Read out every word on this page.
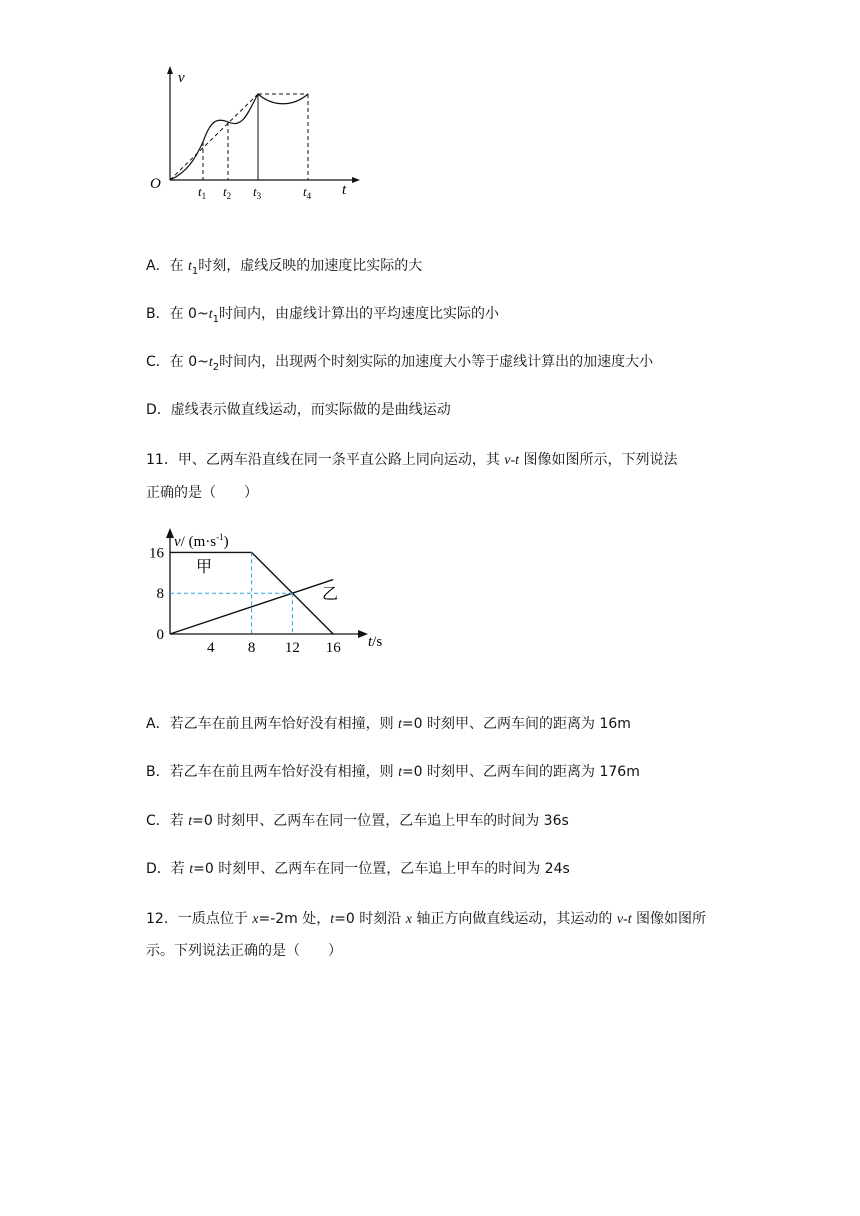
v
t
O	$t_1$ $t_2$ $t_3$	$t_4$
A．在 $t_1$时刻，虚线反映的加速度比实际的大
B．在 $0\sim t_1$时间内，由虚线计算出的平均速度比实际的小
C．在 $0\sim t_2$时间内，出现两个时刻实际的加速度大小等于虚线计算出的加速度大小
D．虚线表示做直线运动，而实际做的是曲线运动
11．甲、乙两车沿直线在同一条平直公路上同向运动，其 v-t 图像如图所示，下列说法
正确的是（　　）
4 8 12 16
0
8
16
v/ $(m\cdot s^{-1})$
t/s
甲
乙
A．若乙车在前且两车恰好没有相撞，则 t=0 时刻甲、乙两车间的距离为 16m
B．若乙车在前且两车恰好没有相撞，则 t=0 时刻甲、乙两车间的距离为 176m
C．若 t=0 时刻甲、乙两车在同一位置，乙车追上甲车的时间为 36s
D．若 t=0 时刻甲、乙两车在同一位置，乙车追上甲车的时间为 24s
12．一质点位于 x=-2m 处，t=0 时刻沿 x 轴正方向做直线运动，其运动的 v-t 图像如图所
示。下列说法正确的是（　　）
